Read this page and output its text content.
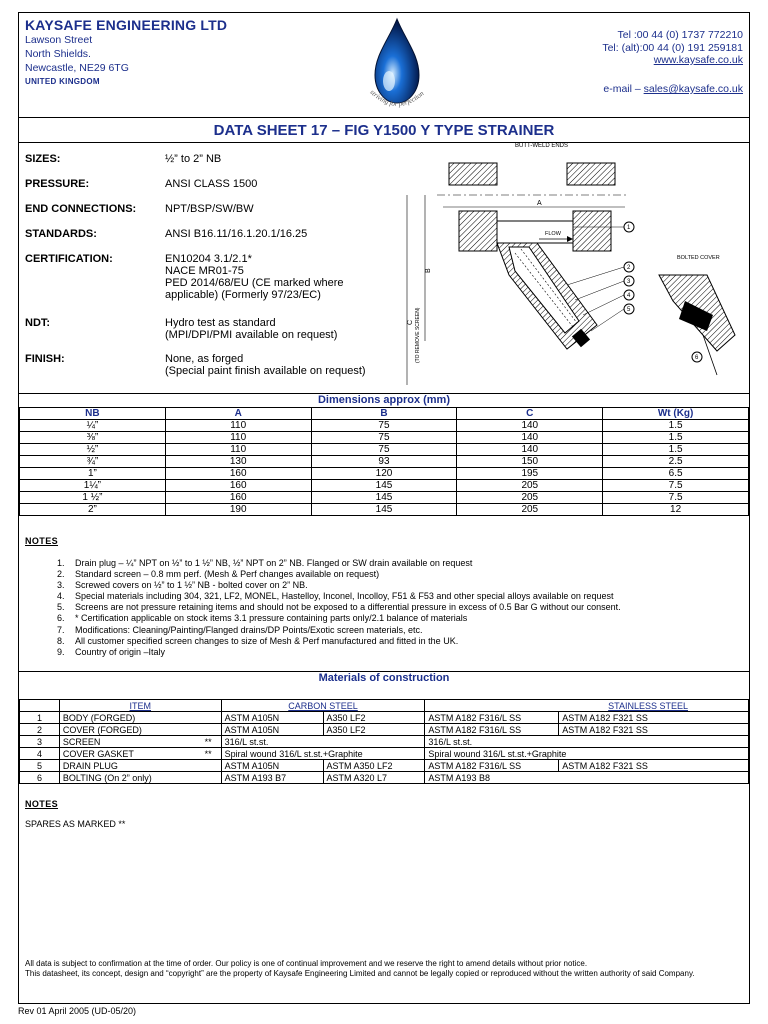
KAYSAFE ENGINEERING LTD
Lawson Street
North Shields.
Newcastle, NE29 6TG
UNITED KINGDOM
striving for perfection
Tel :00 44 (0) 1737 772210
Tel: (alt):00 44 (0) 191 259181
www.kaysafe.co.uk
e-mail – sales@kaysafe.co.uk
DATA SHEET 17 – FIG Y1500 Y TYPE STRAINER
SIZES:	½” to 2” NB
PRESSURE:	ANSI CLASS 1500
END CONNECTIONS:	NPT/BSP/SW/BW
STANDARDS:	ANSI B16.11/16.1.20.1/16.25
CERTIFICATION:	EN10204 3.1/2.1*
NACE MR01-75
PED 2014/68/EU (CE marked where applicable) (Formerly 97/23/EC)
NDT:	Hydro test as standard
(MPI/DPI/PMI available on request)
FINISH:	None, as forged
(Special paint finish available on request)
BUTT-WELD ENDS
A
FLOW
1
2
3
4
5
6
B
C (TO REMOVE SCREEN)
BOLTED COVER
Dimensions approx (mm)
NB	A	B	C	Wt (Kg)
¼”	110	75	140	1.5
⅜”	110	75	140	1.5
½”	110	75	140	1.5
¾”	130	93	150	2.5
1”	160	120	195	6.5
1¼”	160	145	205	7.5
1 ½”	160	145	205	7.5
2”	190	145	205	12
NOTES
1. Drain plug – ¼” NPT on ½” to 1 ½” NB, ½” NPT on 2” NB. Flanged or SW drain available on request
2. Standard screen – 0.8 mm perf. (Mesh & Perf changes available on request)
3. Screwed covers on ½” to 1 ½” NB - bolted cover on 2” NB.
4. Special materials including 304, 321, LF2, MONEL, Hastelloy, Inconel, Incolloy, F51 & F53 and other special alloys available on request
5. Screens are not pressure retaining items and should not be exposed to a differential pressure in excess of 0.5 Bar G without our consent.
6. * Certification applicable on stock items 3.1 pressure containing parts only/2.1 balance of materials
7. Modifications: Cleaning/Painting/Flanged drains/DP Points/Exotic screen materials, etc.
8. All customer specified screen changes to size of Mesh & Perf manufactured and fitted in the UK.
9. Country of origin –Italy
Materials of construction
	ITEM	CARBON STEEL		STAINLESS STEEL	
1	BODY (FORGED)	ASTM A105N	A350 LF2	ASTM A182 F316/L SS	ASTM A182 F321 SS
2	COVER (FORGED)	ASTM A105N	A350 LF2	ASTM A182 F316/L SS	ASTM A182 F321 SS
3	SCREEN **	316/L st.st.		316/L st.st.	
4	COVER GASKET **	Spiral wound 316/L st.st.+Graphite		Spiral wound 316/L st.st.+Graphite	
5	DRAIN PLUG	ASTM A105N	ASTM A350 LF2	ASTM A182 F316/L SS	ASTM A182 F321 SS
6	BOLTING (On 2” only)	ASTM A193 B7	ASTM A320 L7	ASTM A193 B8	
NOTES
SPARES AS MARKED **
All data is subject to confirmation at the time of order. Our policy is one of continual improvement and we reserve the right to amend details without prior notice.
This datasheet, its concept, design and “copyright” are the property of Kaysafe Engineering Limited and cannot be legally copied or reproduced without the written authority of said Company.
Rev 01 April 2005 (UD-05/20)
